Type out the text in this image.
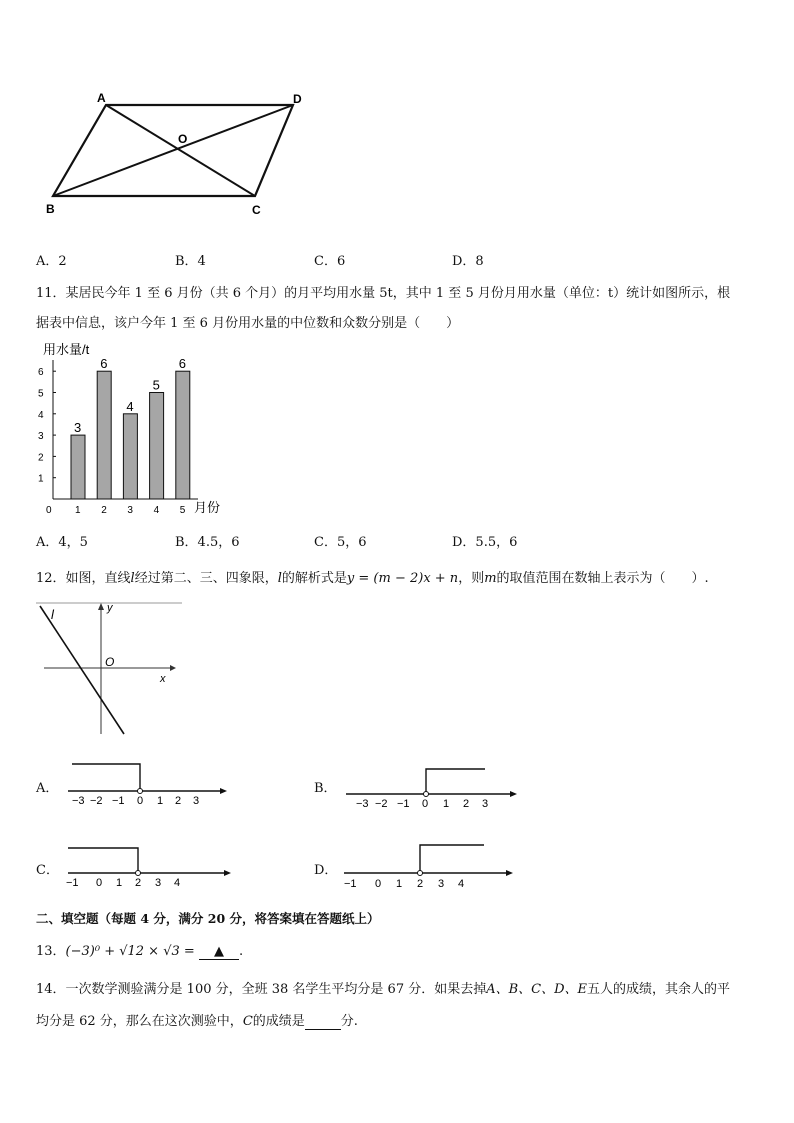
A	D
O
B	C
A．2	B．4	C．6	D．8
11．某居民今年 1 至 6 月份（共 6 个月）的月平均用水量 5t，其中 1 至 5 月份月用水量（单位：t）统计如图所示，根
据表中信息，该户今年 1 至 6 月份用水量的中位数和众数分别是（　　）
用水量/t
月份
0
1
2
3
4
5
6
3
1
6
2
4
3
5
4
6
5
A．4，5	B．4.5，6	C．5，6	D．5.5，6
12．如图，直线l经过第二、三、四象限，l的解析式是y = (m − 2)x + n，则m的取值范围在数轴上表示为（　　）.
l	y
O
x
A．
−3 −2 −1 0 1 2 3
B．
−3 −2 −1 0 1 2 3
C．
−1 0 1 2 3 4
D．
−1 0 1 2 3 4
二、填空题（每题 4 分，满分 20 分，将答案填在答题纸上）
13．(−3)⁰ + √12 × √3 = ▲ .
14．一次数学测验满分是 100 分，全班 38 名学生平均分是 67 分．如果去掉A、B、C、D、E五人的成绩，其余人的平
均分是 62 分，那么在这次测验中，C的成绩是	分.
